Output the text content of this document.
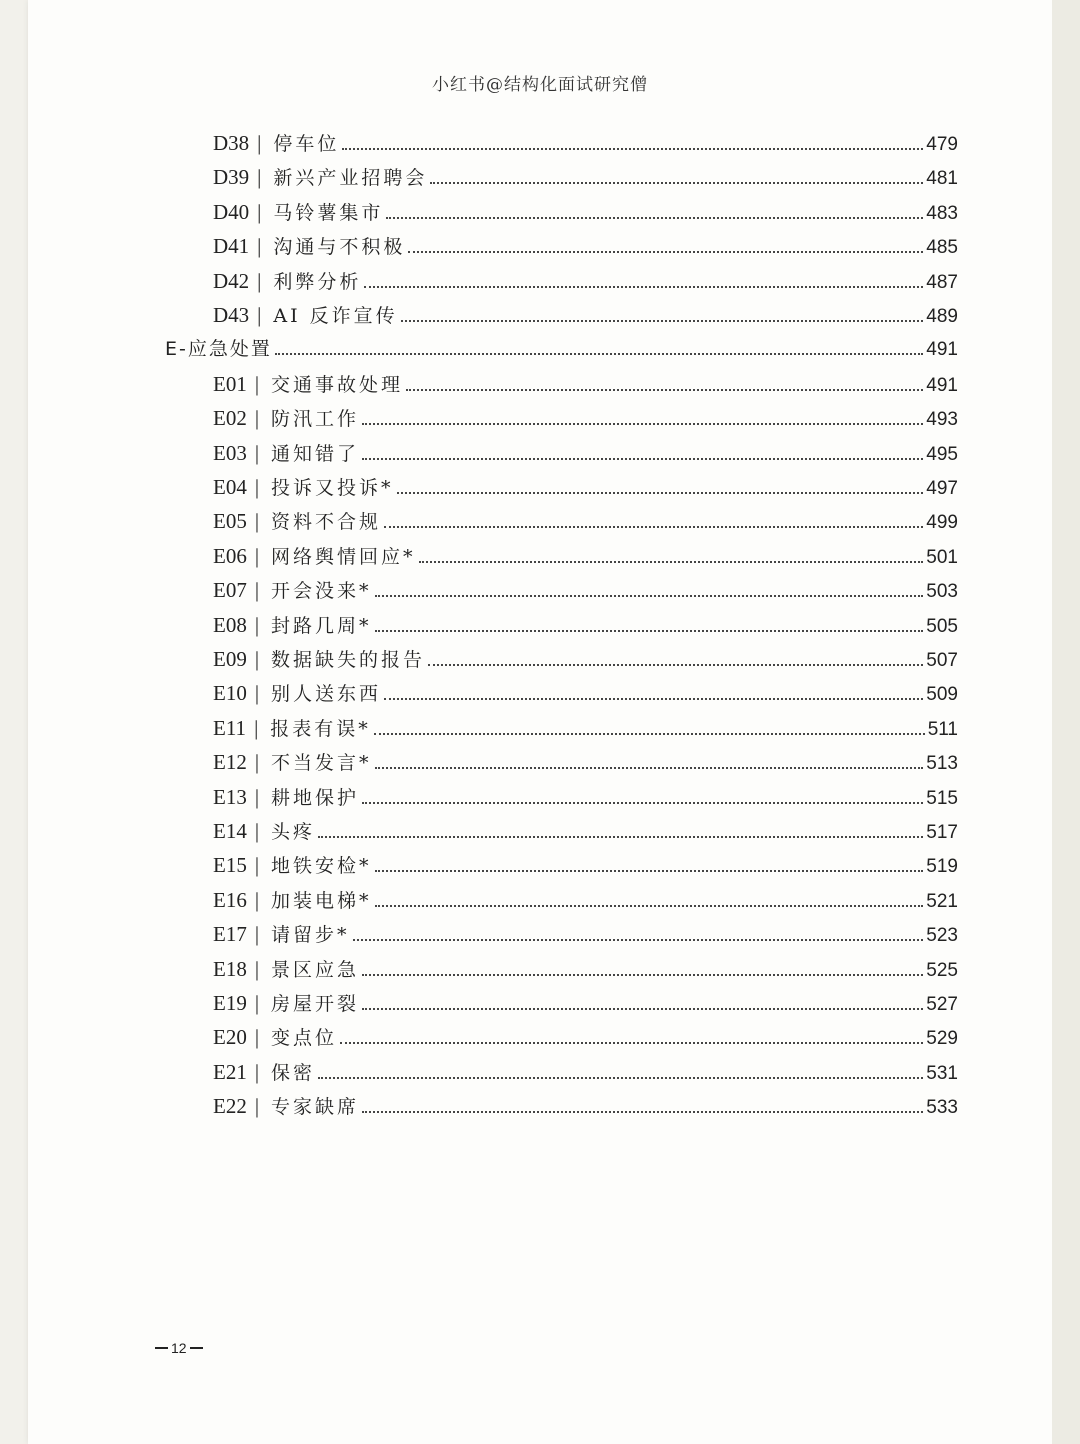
小红书@结构化面试研究僧
D38 | 停车位	479
D39 | 新兴产业招聘会	481
D40 | 马铃薯集市	483
D41 | 沟通与不积极	485
D42 | 利弊分析	487
D43 | AI 反诈宣传	489
E-应急处置	491
E01 | 交通事故处理	491
E02 | 防汛工作	493
E03 | 通知错了	495
E04 | 投诉又投诉*	497
E05 | 资料不合规	499
E06 | 网络舆情回应*	501
E07 | 开会没来*	503
E08 | 封路几周*	505
E09 | 数据缺失的报告	507
E10 | 别人送东西	509
E11 | 报表有误*	511
E12 | 不当发言*	513
E13 | 耕地保护	515
E14 | 头疼	517
E15 | 地铁安检*	519
E16 | 加装电梯*	521
E17 | 请留步*	523
E18 | 景区应急	525
E19 | 房屋开裂	527
E20 | 变点位	529
E21 | 保密	531
E22 | 专家缺席	533
12
